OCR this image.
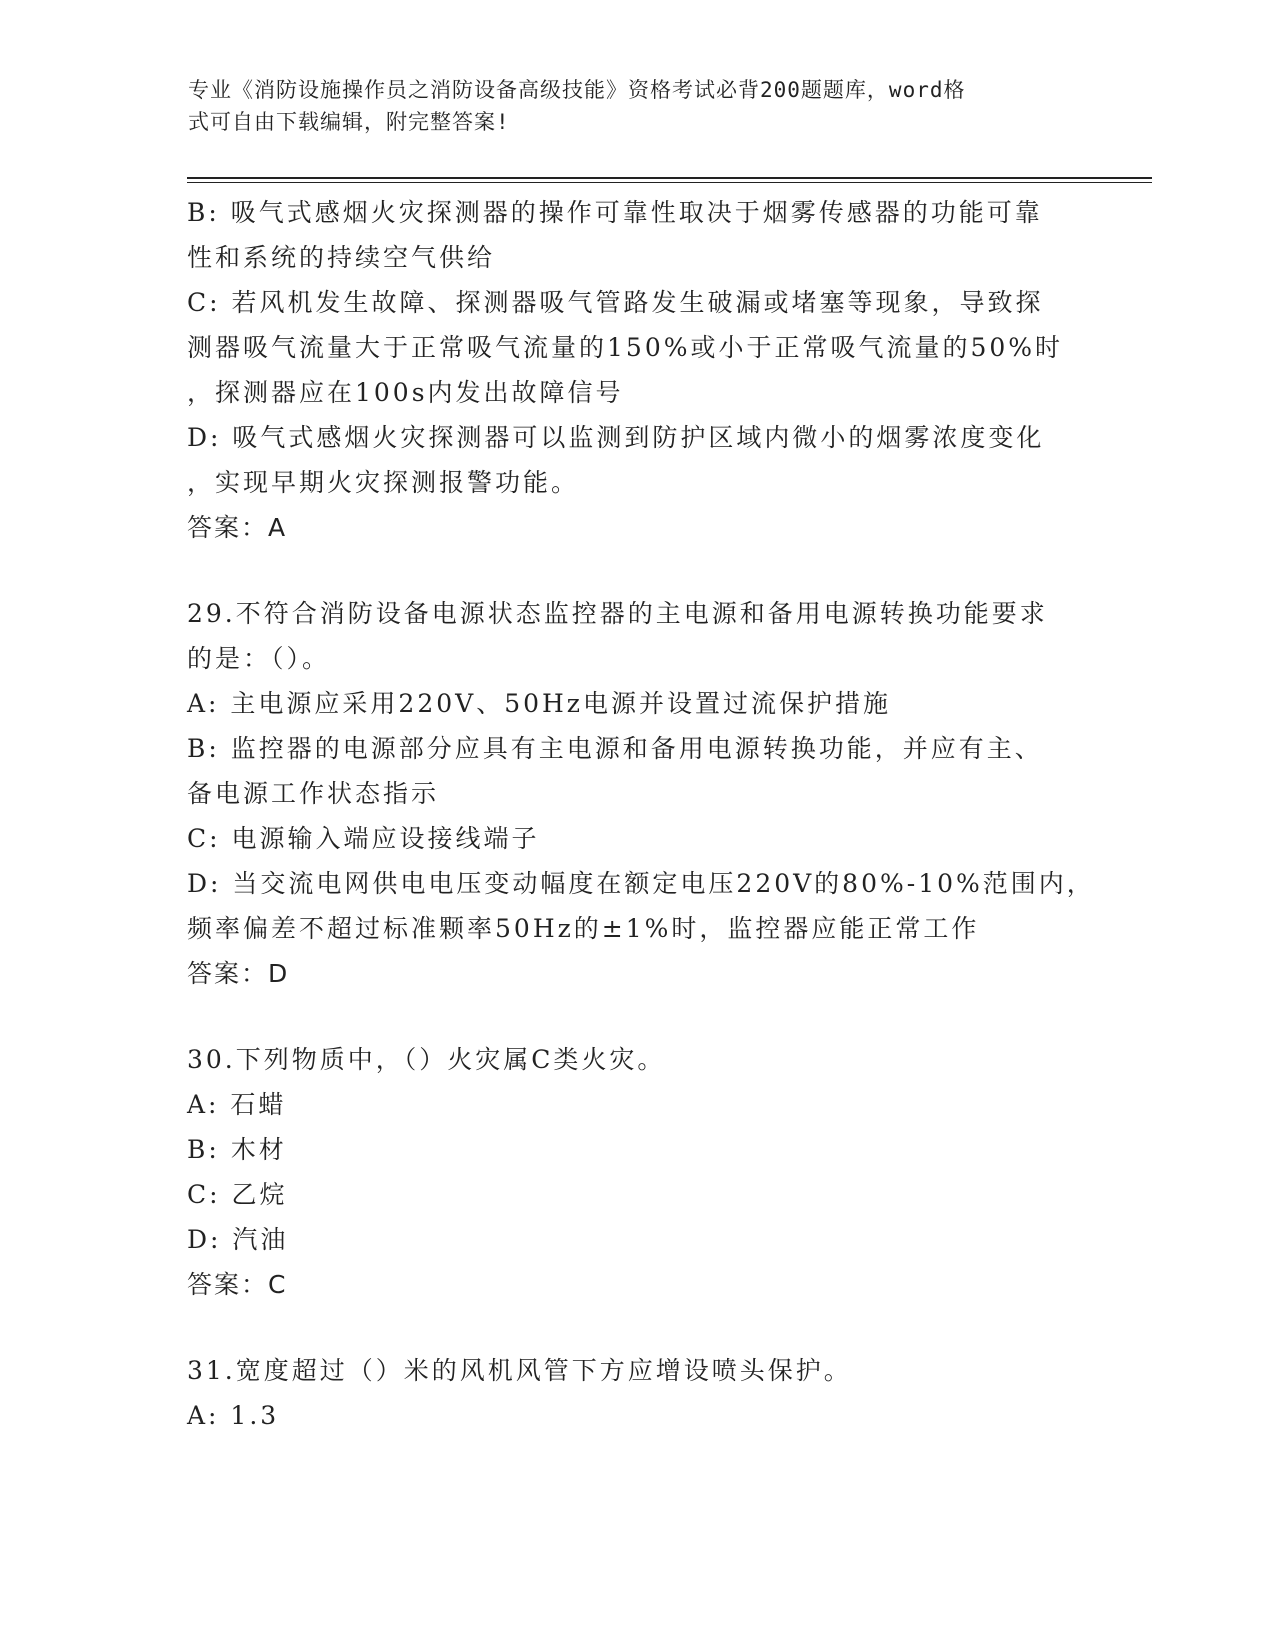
专业《消防设施操作员之消防设备高级技能》资格考试必背200题题库，word格
式可自由下载编辑，附完整答案!
B: 吸气式感烟火灾探测器的操作可靠性取决于烟雾传感器的功能可靠
性和系统的持续空气供给
C: 若风机发生故障、探测器吸气管路发生破漏或堵塞等现象，导致探
测器吸气流量大于正常吸气流量的150%或小于正常吸气流量的50%时
，探测器应在100s内发出故障信号
D: 吸气式感烟火灾探测器可以监测到防护区域内微小的烟雾浓度变化
，实现早期火灾探测报警功能。
答案：A
29.不符合消防设备电源状态监控器的主电源和备用电源转换功能要求
的是：（）。
A: 主电源应采用220V、50Hz电源并设置过流保护措施
B: 监控器的电源部分应具有主电源和备用电源转换功能，并应有主、
备电源工作状态指示
C: 电源输入端应设接线端子
D: 当交流电网供电电压变动幅度在额定电压220V的80%-10%范围内，
频率偏差不超过标准颗率50Hz的±1%时，监控器应能正常工作
答案：D
30.下列物质中，（）火灾属C类火灾。
A: 石蜡
B: 木材
C: 乙烷
D: 汽油
答案：C
31.宽度超过（）米的风机风管下方应增设喷头保护。
A: 1.3
